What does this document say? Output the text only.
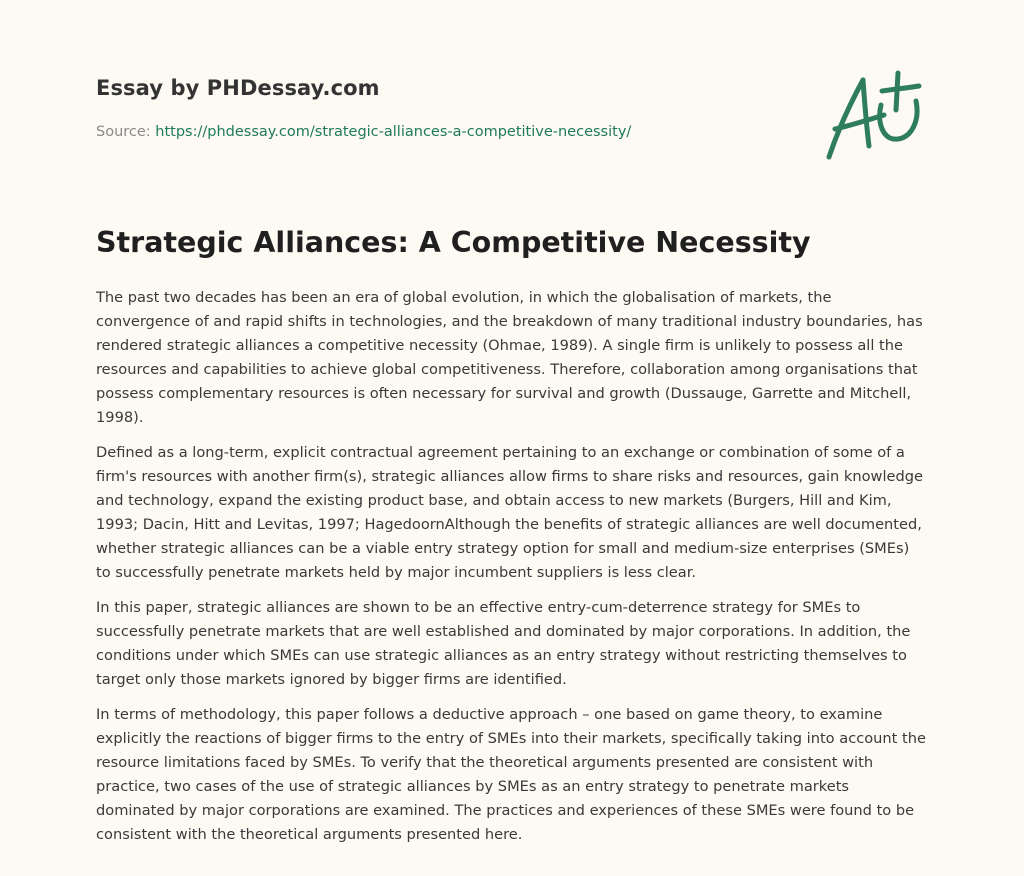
Essay by PHDessay.com
Source: https://phdessay.com/strategic-alliances-a-competitive-necessity/
Strategic Alliances: A Competitive Necessity

The past two decades has been an era of global evolution, in which the globalisation of markets, the convergence of and rapid shifts in technologies, and the breakdown of many traditional industry boundaries, has rendered strategic alliances a competitive necessity (Ohmae, 1989). A single firm is unlikely to possess all the resources and capabilities to achieve global competitiveness. Therefore, collaboration among organisations that possess complementary resources is often necessary for survival and growth (Dussauge, Garrette and Mitchell, 1998).

Defined as a long-term, explicit contractual agreement pertaining to an exchange or combination of some of a firm's resources with another firm(s), strategic alliances allow firms to share risks and resources, gain knowledge and technology, expand the existing product base, and obtain access to new markets (Burgers, Hill and Kim, 1993; Dacin, Hitt and Levitas, 1997; HagedoornAlthough the benefits of strategic alliances are well documented, whether strategic alliances can be a viable entry strategy option for small and medium-size enterprises (SMEs) to successfully penetrate markets held by major incumbent suppliers is less clear.

In this paper, strategic alliances are shown to be an effective entry-cum-deterrence strategy for SMEs to successfully penetrate markets that are well established and dominated by major corporations. In addition, the conditions under which SMEs can use strategic alliances as an entry strategy without restricting themselves to target only those markets ignored by bigger firms are identified.

In terms of methodology, this paper follows a deductive approach – one based on game theory, to examine explicitly the reactions of bigger firms to the entry of SMEs into their markets, specifically taking into account the resource limitations faced by SMEs. To verify that the theoretical arguments presented are consistent with practice, two cases of the use of strategic alliances by SMEs as an entry strategy to penetrate markets dominated by major corporations are examined. The practices and experiences of these SMEs were found to be consistent with the theoretical arguments presented here.
